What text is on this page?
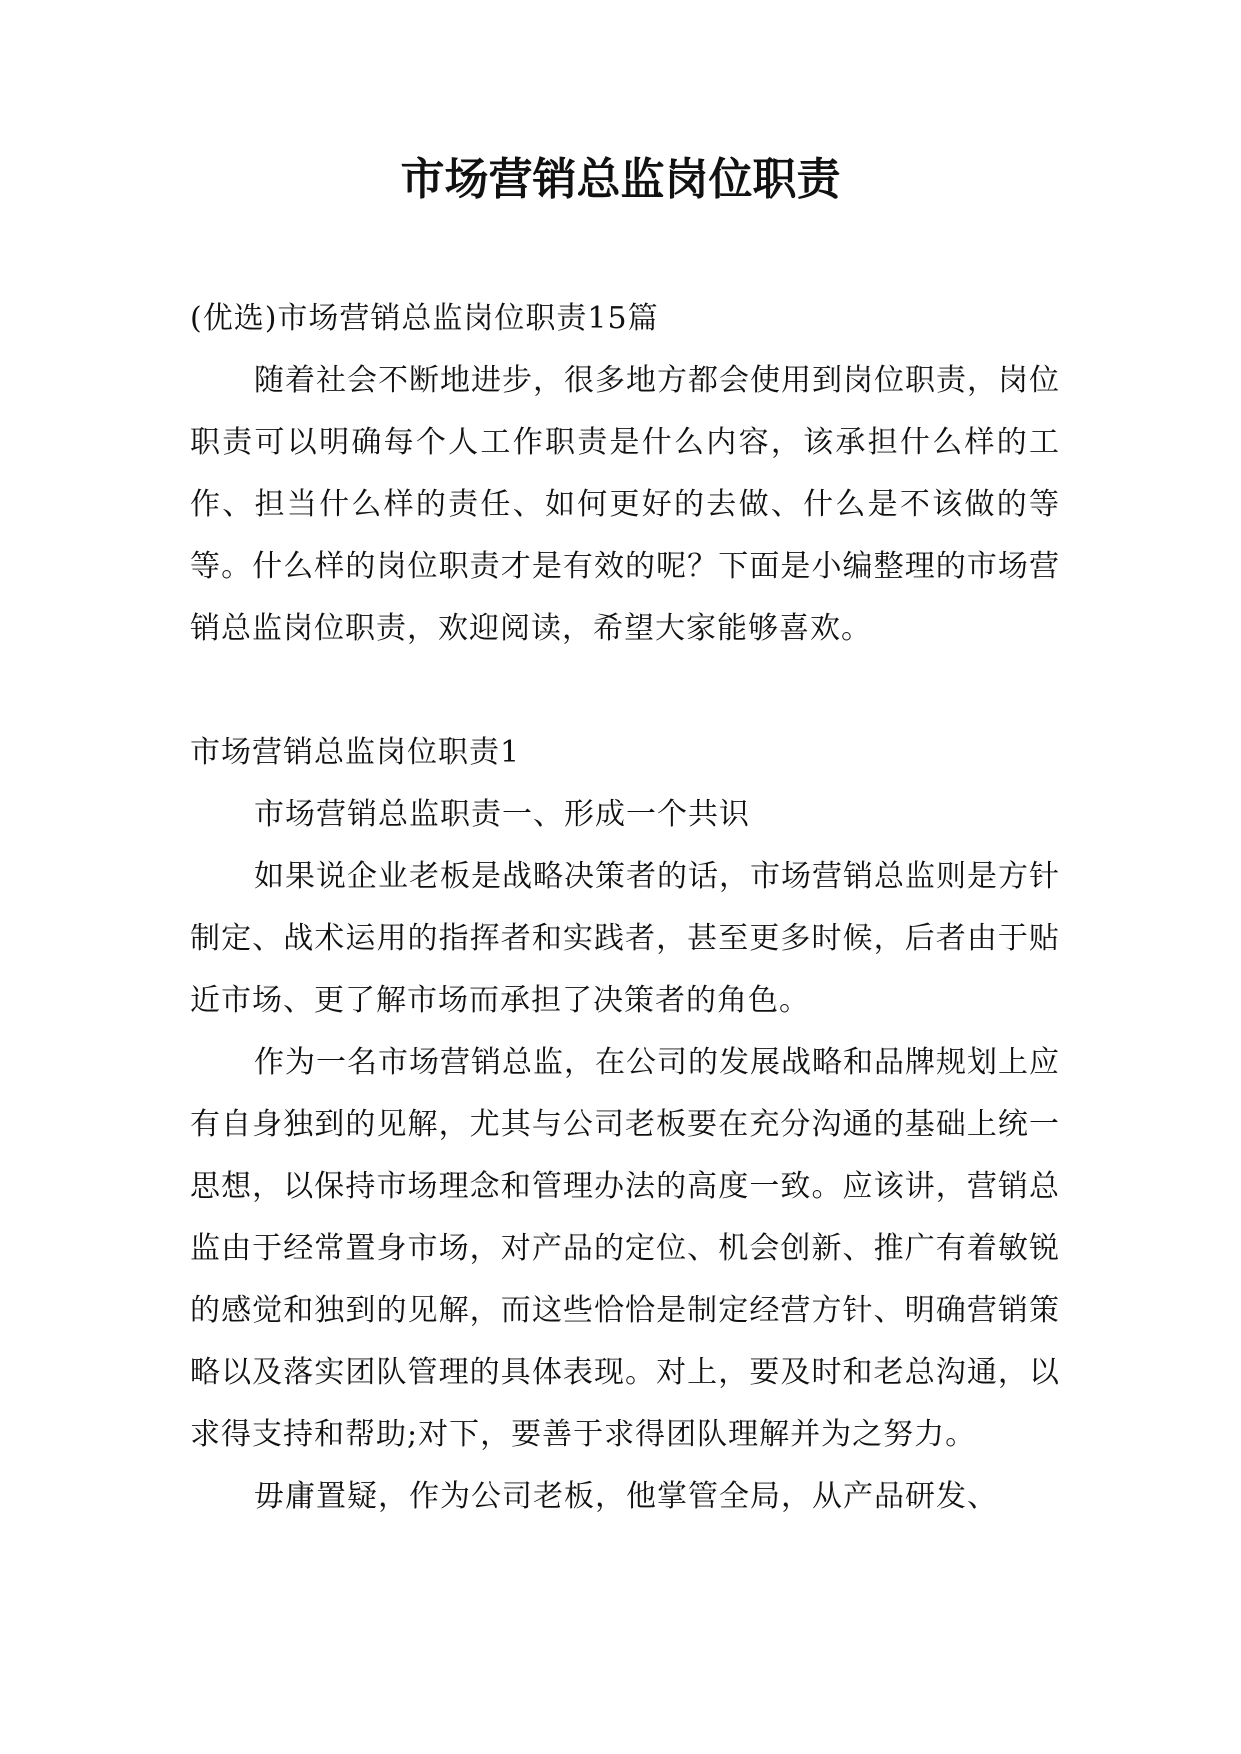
市场营销总监岗位职责

(优选)市场营销总监岗位职责15篇

随着社会不断地进步，很多地方都会使用到岗位职责，岗位职责可以明确每个人工作职责是什么内容，该承担什么样的工作、担当什么样的责任、如何更好的去做、什么是不该做的等等。什么样的岗位职责才是有效的呢？下面是小编整理的市场营销总监岗位职责，欢迎阅读，希望大家能够喜欢。

市场营销总监岗位职责1

市场营销总监职责一、形成一个共识

如果说企业老板是战略决策者的话，市场营销总监则是方针制定、战术运用的指挥者和实践者，甚至更多时候，后者由于贴近市场、更了解市场而承担了决策者的角色。

作为一名市场营销总监，在公司的发展战略和品牌规划上应有自身独到的见解，尤其与公司老板要在充分沟通的基础上统一思想，以保持市场理念和管理办法的高度一致。应该讲，营销总监由于经常置身市场，对产品的定位、机会创新、推广有着敏锐的感觉和独到的见解，而这些恰恰是制定经营方针、明确营销策略以及落实团队管理的具体表现。对上，要及时和老总沟通，以求得支持和帮助;对下，要善于求得团队理解并为之努力。

毋庸置疑，作为公司老板，他掌管全局，从产品研发、
